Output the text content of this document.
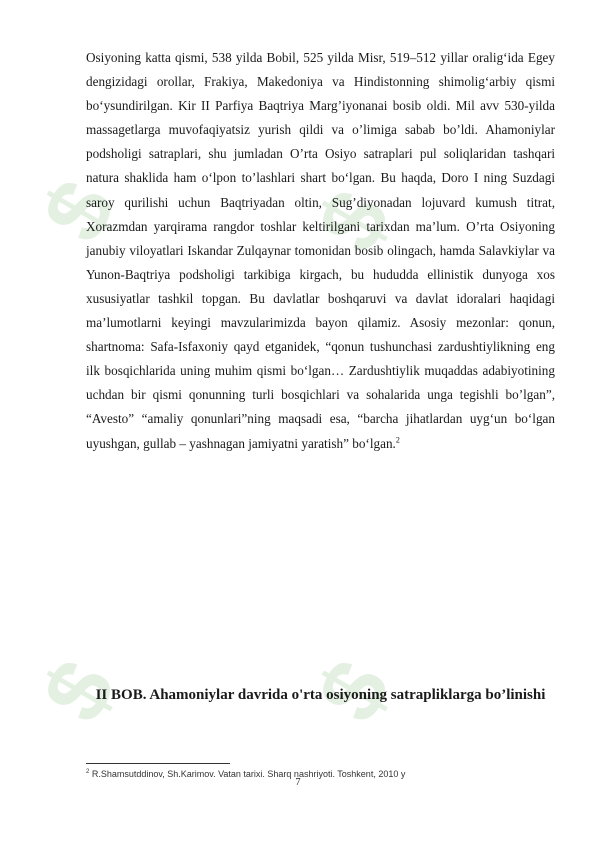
$ $
$ $

Osiyoning katta qismi, 538 yilda Bobil, 525 yilda Misr, 519–512 yillar oralig‘ida Egey dengizidagi orollar, Frakiya, Makedoniya va Hindistonning shimolig‘arbiy qismi bo‘ysundirilgan. Kir II Parfiya Baqtriya Marg’iyonanai bosib oldi. Mil avv 530-yilda massagetlarga muvofaqiyatsiz yurish qildi va o’limiga sabab bo’ldi. Ahamoniylar podsholigi satraplari, shu jumladan O’rta Osiyo satraplari pul soliqlaridan tashqari natura shaklida ham o‘lpon to’lashlari shart bo‘lgan. Bu haqda, Doro I ning Suzdagi saroy qurilishi uchun Baqtriyadan oltin, Sug’diyonadan lojuvard kumush titrat, Xorazmdan yarqirama rangdor toshlar keltirilgani tarixdan ma’lum. O’rta Osiyoning janubiy viloyatlari Iskandar Zulqaynar tomonidan bosib olingach, hamda Salavkiylar va Yunon-Baqtriya podsholigi tarkibiga kirgach, bu hududda ellinistik dunyoga xos xususiyatlar tashkil topgan. Bu davlatlar boshqaruvi va davlat idoralari haqidagi ma’lumotlarni keyingi mavzularimizda bayon qilamiz. Asosiy mezonlar: qonun, shartnoma: Safa-Isfaxoniy qayd etganidek, “qonun tushunchasi zardushtiylikning eng ilk bosqichlarida uning muhim qismi bo‘lgan… Zardushtiylik muqaddas adabiyotining uchdan bir qismi qonunning turli bosqichlari va sohalarida unga tegishli bo’lgan”, “Avesto” “amaliy qonunlari”ning maqsadi esa, “barcha jihatlardan uyg‘un bo‘lgan uyushgan, gullab – yashnagan jamiyatni yaratish” bo‘lgan.$^2$

II BOB. Ahamoniylar davrida o'rta osiyoning satrapliklarga bo’linishi

$^2$ R.Shamsutddinov, Sh.Karimov. Vatan tarixi. Sharq nashriyoti. Toshkent, 2010 y

7
